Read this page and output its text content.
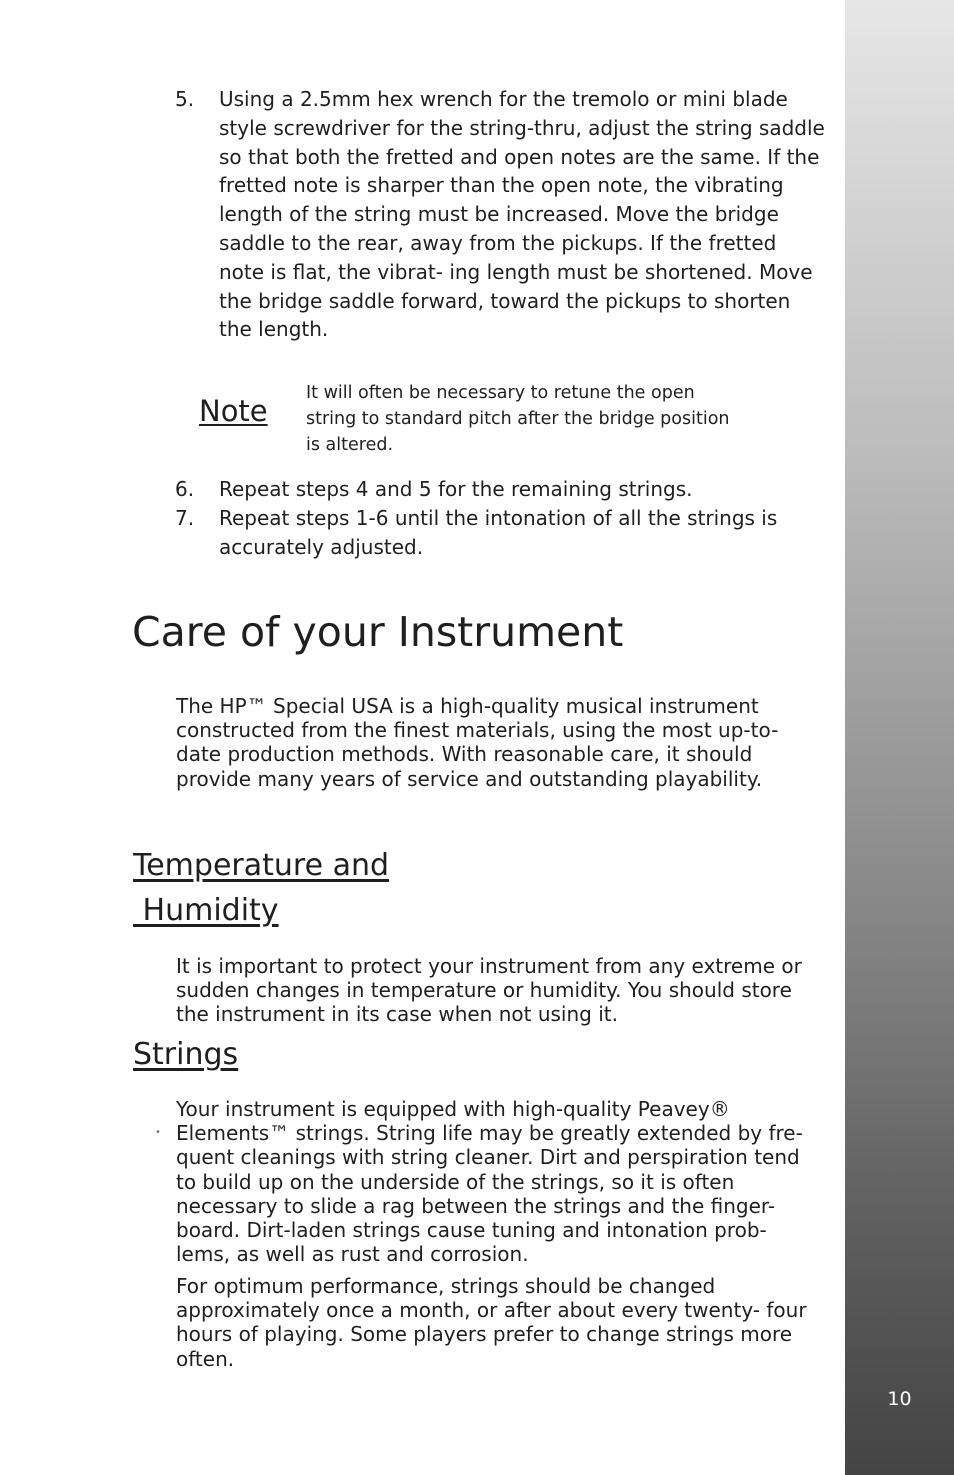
10
5. Using a 2.5mm hex wrench for the tremolo or mini blade style screwdriver for the string-thru, adjust the string saddle so that both the fretted and open notes are the same. If the fretted note is sharper than the open note, the vibrating length of the string must be increased. Move the bridge saddle to the rear, away from the pickups. If the fretted note is flat, the vibrat- ing length must be shortened. Move the bridge saddle forward, toward the pickups to shorten the length.
Note
It will often be necessary to retune the open string to standard pitch after the bridge position is altered.
6. Repeat steps 4 and 5 for the remaining strings.
7. Repeat steps 1-6 until the intonation of all the strings is accurately adjusted.
Care of your Instrument

The HP™ Special USA is a high-quality musical instrument constructed from the finest materials, using the most up-to- date production methods. With reasonable care, it should provide many years of service and outstanding playability.

Temperature and
Humidity

It is important to protect your instrument from any extreme or sudden changes in temperature or humidity. You should store the instrument in its case when not using it.

Strings
•

Your instrument is equipped with high-quality Peavey® Elements™ strings. String life may be greatly extended by fre- quent cleanings with string cleaner. Dirt and perspiration tend to build up on the underside of the strings, so it is often necessary to slide a rag between the strings and the finger- board. Dirt-laden strings cause tuning and intonation prob- lems, as well as rust and corrosion.

For optimum performance, strings should be changed approximately once a month, or after about every twenty- four hours of playing. Some players prefer to change strings more often.
